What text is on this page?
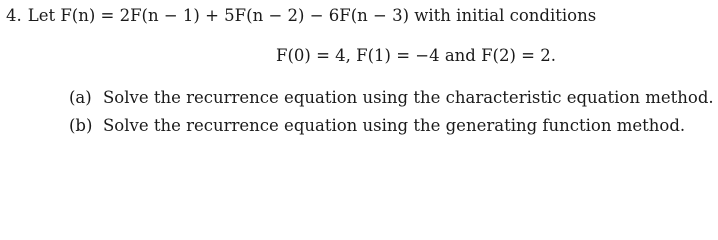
4. Let F(n) = 2F(n − 1) + 5F(n − 2) − 6F(n − 3) with initial conditions
F(0) = 4, F(1) = −4 and F(2) = 2.
(a) Solve the recurrence equation using the characteristic equation method.
(b) Solve the recurrence equation using the generating function method.
